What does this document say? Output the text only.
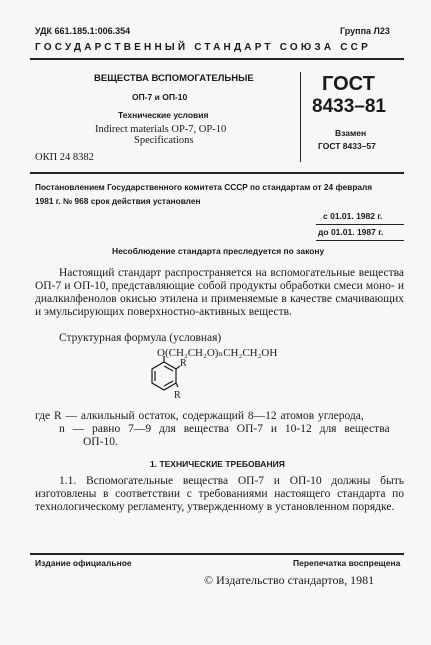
УДК 661.185.1:006.354	Группа Л23
ГОСУДАРСТВЕННЫЙ СТАНДАРТ СОЮЗА ССР
ВЕЩЕСТВА ВСПОМОГАТЕЛЬНЫЕ
ОП-7 и ОП-10
Технические условия
Indirect materials OP-7, OP-10
Specifications
ОКП 24 8382
ГОСТ
8433–81
Взамен
ГОСТ 8433–57
Постановлением Государственного комитета СССР по стандартам от 24 февраля
1981 г. № 968 срок действия установлен
с 01.01. 1982 г.
до 01.01. 1987 г.
Несоблюдение стандарта преследуется по закону
Настоящий стандарт распространяется на вспомогательные вещества ОП-7 и ОП-10, представляющие собой продукты обработки смеси моно- и диалкилфенолов окисью этилена и применяемые в качестве смачивающих и эмульсирующих поверхностно-активных веществ.
Структурная формула (условная)
O(CH₂CH₂O)ₙCH₂CH₂OH
R
R
где R — алкильный остаток, содержащий 8—12 атомов углерода,
n — равно 7—9 для вещества ОП-7 и 10-12 для вещества
ОП-10.
1. ТЕХНИЧЕСКИЕ ТРЕБОВАНИЯ
1.1. Вспомогательные вещества ОП-7 и ОП-10 должны быть изготовлены в соответствии с требованиями настоящего стандарта по технологическому регламенту, утвержденному в установленном порядке.
Издание официальное	Перепечатка воспрещена
© Издательство стандартов, 1981
